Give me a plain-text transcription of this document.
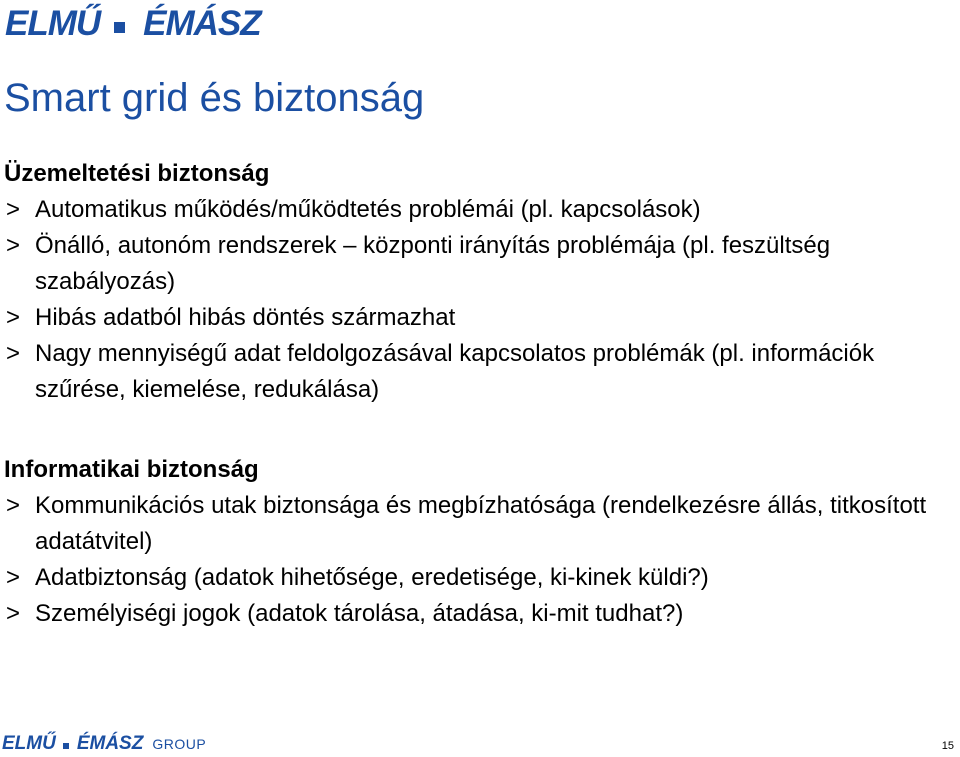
ELMŰ ÉMÁSZ
Smart grid és biztonság
Üzemeltetési biztonság
> Automatikus működés/működtetés problémái (pl. kapcsolások)
> Önálló, autonóm rendszerek – központi irányítás problémája (pl. feszültség szabályozás)
> Hibás adatból hibás döntés származhat
> Nagy mennyiségű adat feldolgozásával kapcsolatos problémák (pl. információk szűrése, kiemelése, redukálása)
Informatikai biztonság
> Kommunikációs utak biztonsága és megbízhatósága (rendelkezésre állás, titkosított adatátvitel)
> Adatbiztonság (adatok hihetősége, eredetisége, ki-kinek küldi?)
> Személyiségi jogok (adatok tárolása, átadása, ki-mit tudhat?)
ELMŰ ÉMÁSZ GROUP	15
